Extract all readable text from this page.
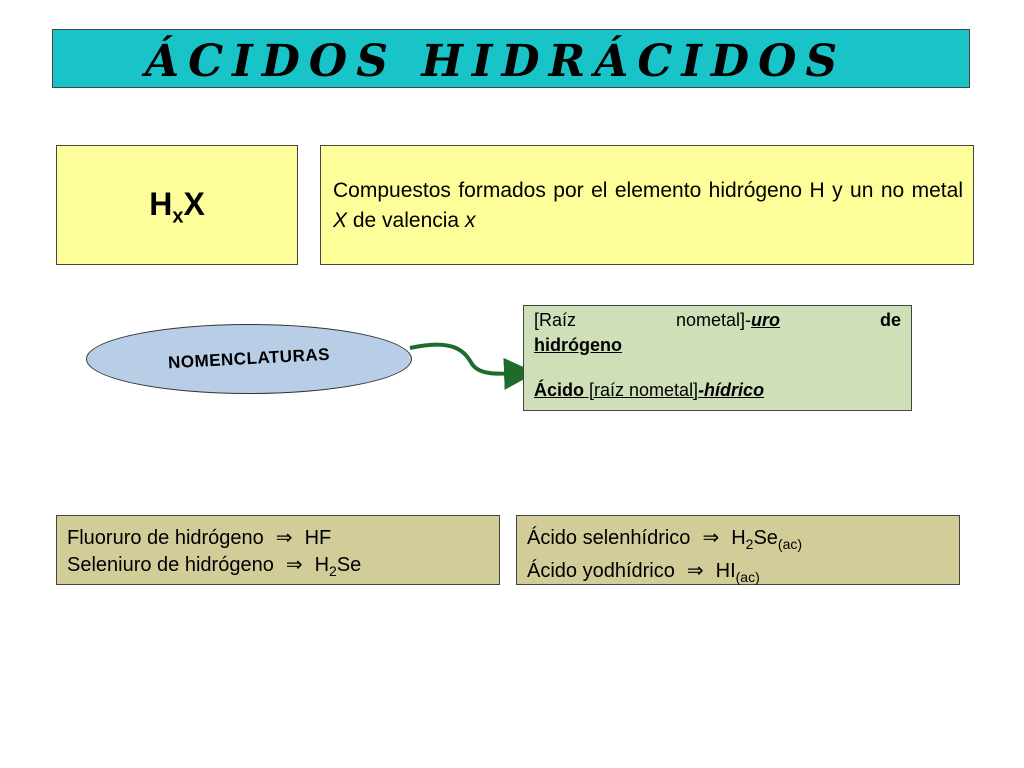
ÁCIDOS HIDRÁCIDOS
$H_xX$	Compuestos formados por el elemento hidrógeno H y un no metal X de valencia x
NOMENCLATURAS
[Raíz nometal]-uro de
hidrógeno
Ácido [raíz nometal]-hídrico
Fluoruro de hidrógeno ⇒ HF
Seleniuro de hidrógeno ⇒ $H_2Se$
Ácido selenhídrico ⇒ $H_2Se_{(ac)}$
Ácido yodhídrico ⇒ $HI_{(ac)}$
